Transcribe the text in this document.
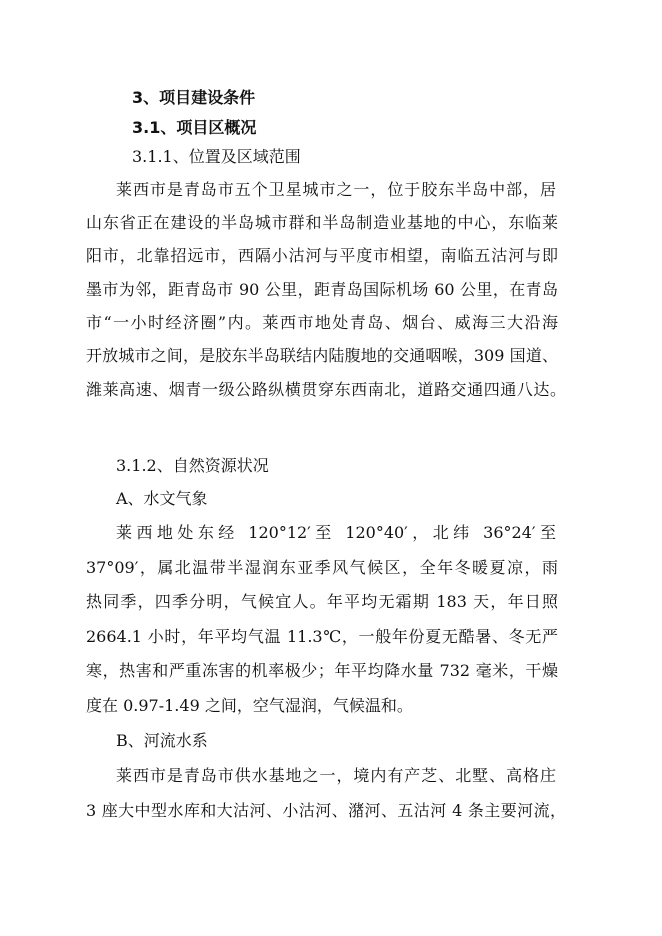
3、项目建设条件
3.1、项目区概况
3.1.1、位置及区域范围
莱西市是青岛市五个卫星城市之一，位于胶东半岛中部，居
山东省正在建设的半岛城市群和半岛制造业基地的中心，东临莱
阳市，北靠招远市，西隔小沽河与平度市相望，南临五沽河与即
墨市为邻，距青岛市 90 公里，距青岛国际机场 60 公里，在青岛
市“一小时经济圈”内。莱西市地处青岛、烟台、威海三大沿海
开放城市之间，是胶东半岛联结内陆腹地的交通咽喉，309 国道、
潍莱高速、烟青一级公路纵横贯穿东西南北，道路交通四通八达。
3.1.2、自然资源状况
A、水文气象
莱西地处东经 120°12′至 120°40′，北纬 36°24′至
37°09′，属北温带半湿润东亚季风气候区，全年冬暖夏凉，雨
热同季，四季分明，气候宜人。年平均无霜期 183 天，年日照
2664.1 小时，年平均气温 11.3℃，一般年份夏无酷暑、冬无严
寒，热害和严重冻害的机率极少；年平均降水量 732 毫米，干燥
度在 0.97-1.49 之间，空气湿润，气候温和。
B、河流水系
莱西市是青岛市供水基地之一，境内有产芝、北墅、高格庄
3 座大中型水库和大沽河、小沽河、潴河、五沽河 4 条主要河流，
